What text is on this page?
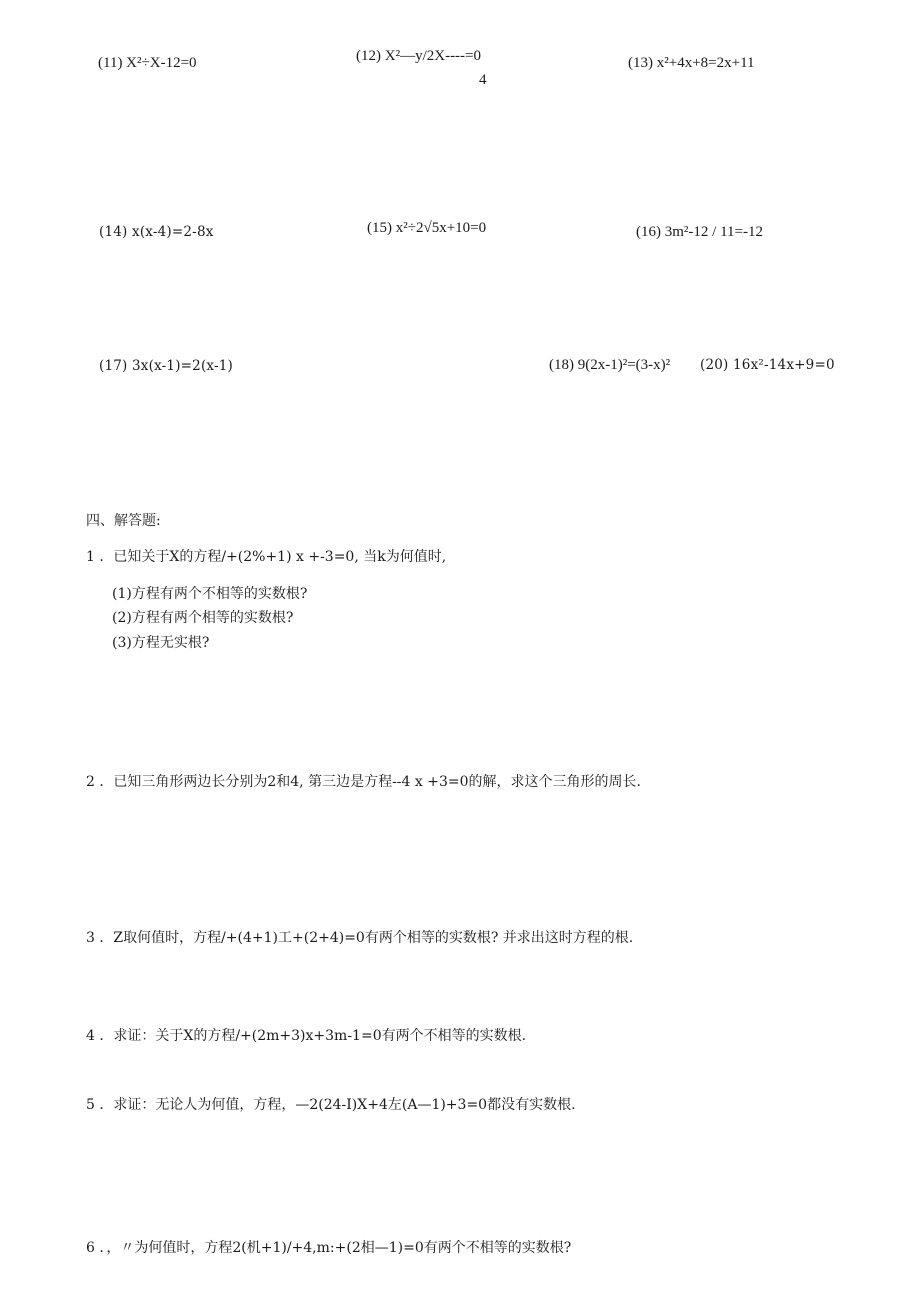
(11) X²÷X-12=0	(12) X²—y/2X----=0
4
(13) x²+4x+8=2x+11
(14) x(x-4)=2-8x	(15) x²÷2√5x+10=0	(16) 3m²-12 / 11=-12
(17) 3x(x-1)=2(x-1)	(18) 9(2x-1)²=(3-x)² (20) 16x²-14x+9=0
四、解答题:
1 ．已知关于X的方程/+(2%+1) x +-3=0, 当k为何值时,
(1)方程有两个不相等的实数根?
(2)方程有两个相等的实数根?
(3)方程无实根?
2 ．已知三角形两边长分别为2和4, 第三边是方程--4 x +3=0的解，求这个三角形的周长.
3 ．Z取何值时，方程/+(4+1)工+(2+4)=0有两个相等的实数根? 并求出这时方程的根.
4 ．求证：关于X的方程/+(2m+3)x+3m-1=0有两个不相等的实数根.
5 ．求证：无论人为何值，方程，—2(24-I)X+4左(A—1)+3=0都没有实数根.
6 ．，〃为何值时，方程2(机+1)/+4,m:+(2相—1)=0有两个不相等的实数根?
